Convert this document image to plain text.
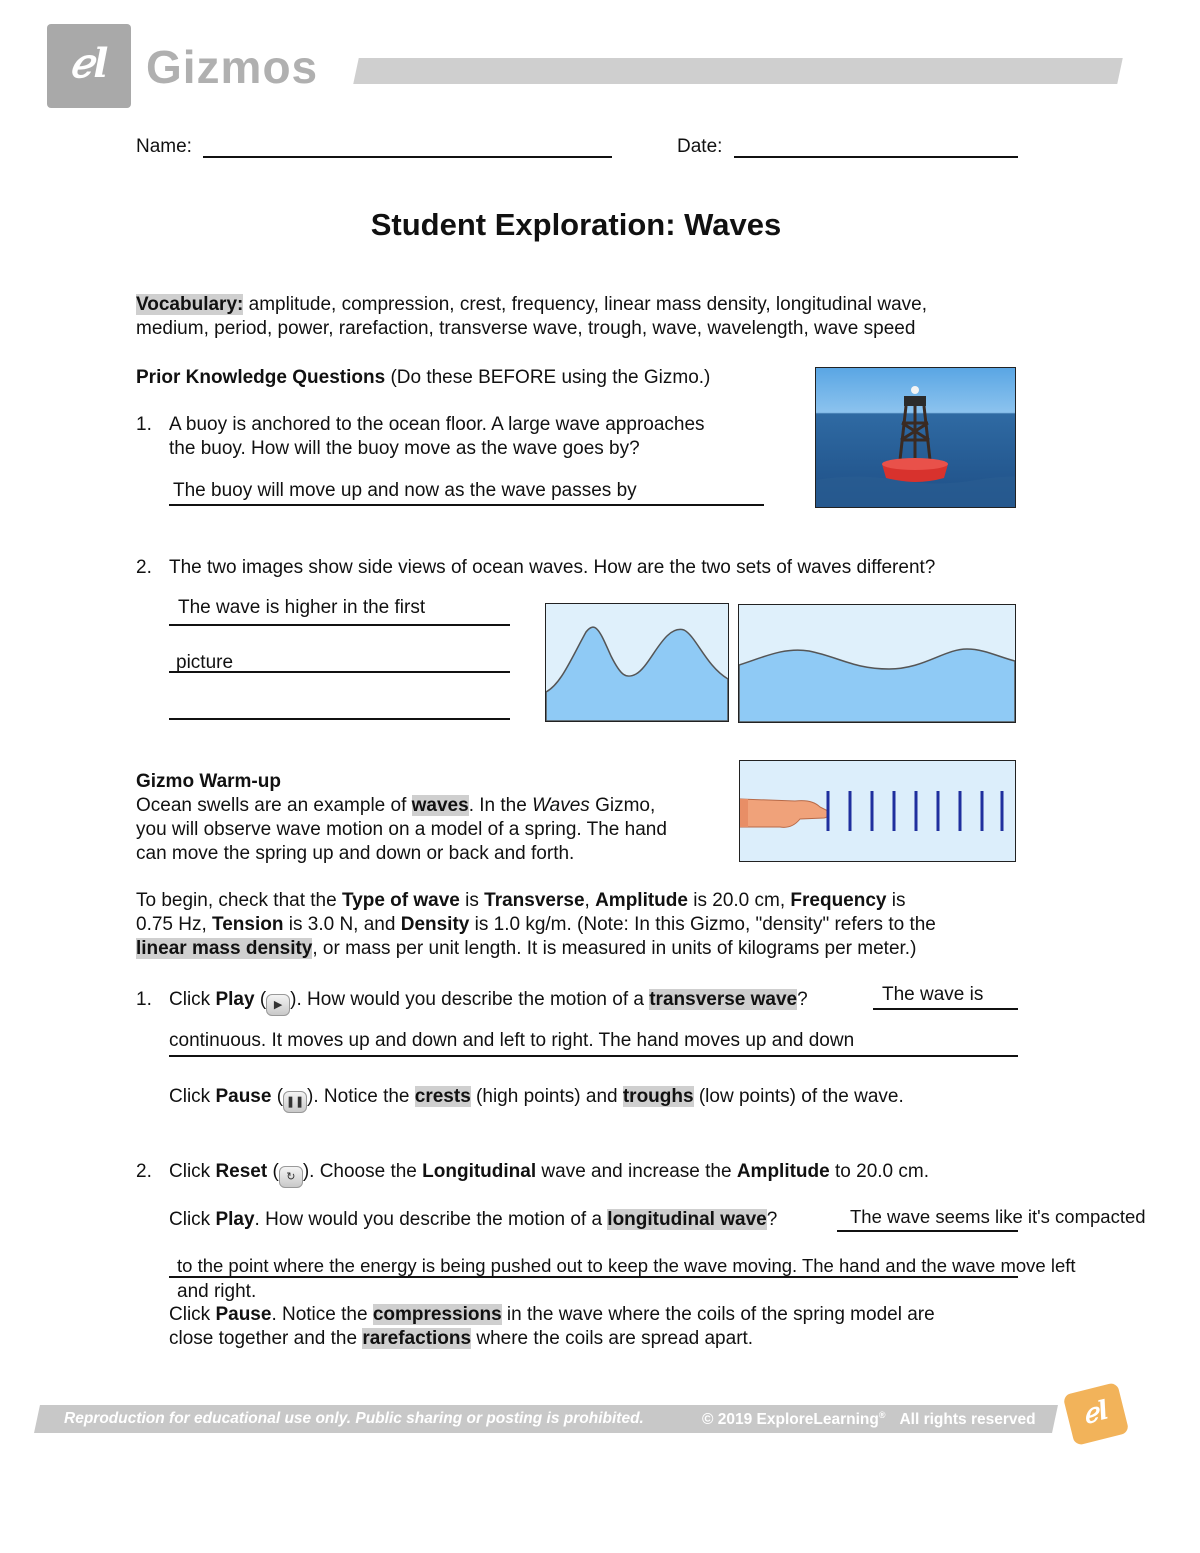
ℯl Gizmos
Name:	Date:
Student Exploration: Waves
Vocabulary: amplitude, compression, crest, frequency, linear mass density, longitudinal wave,
medium, period, power, rarefaction, transverse wave, trough, wave, wavelength, wave speed
Prior Knowledge Questions (Do these BEFORE using the Gizmo.)
1. A buoy is anchored to the ocean floor. A large wave approaches
the buoy. How will the buoy move as the wave goes by?
The buoy will move up and now as the wave passes by
2. The two images show side views of ocean waves. How are the two sets of waves different?
The wave is higher in the first
picture
Gizmo Warm-up
Ocean swells are an example of waves. In the Waves Gizmo,
you will observe wave motion on a model of a spring. The hand
can move the spring up and down or back and forth.
To begin, check that the Type of wave is Transverse, Amplitude is 20.0 cm, Frequency is
0.75 Hz, Tension is 3.0 N, and Density is 1.0 kg/m. (Note: In this Gizmo, "density" refers to the
linear mass density, or mass per unit length. It is measured in units of kilograms per meter.)
1. Click Play ( ▶ ). How would you describe the motion of a transverse wave?	The wave is
continuous. It moves up and down and left to right. The hand moves up and down
Click Pause ( ❚❚ ). Notice the crests (high points) and troughs (low points) of the wave.
2. Click Reset ( ↻ ). Choose the Longitudinal wave and increase the Amplitude to 20.0 cm.
Click Play. How would you describe the motion of a longitudinal wave?	The wave seems like it's compacted
to the point where the energy is being pushed out to keep the wave moving. The hand and the wave move left
and right.
Click Pause. Notice the compressions in the wave where the coils of the spring model are
close together and the rarefactions where the coils are spread apart.
Reproduction for educational use only. Public sharing or posting is prohibited.	© 2019 ExploreLearning® All rights reserved	ℯl
